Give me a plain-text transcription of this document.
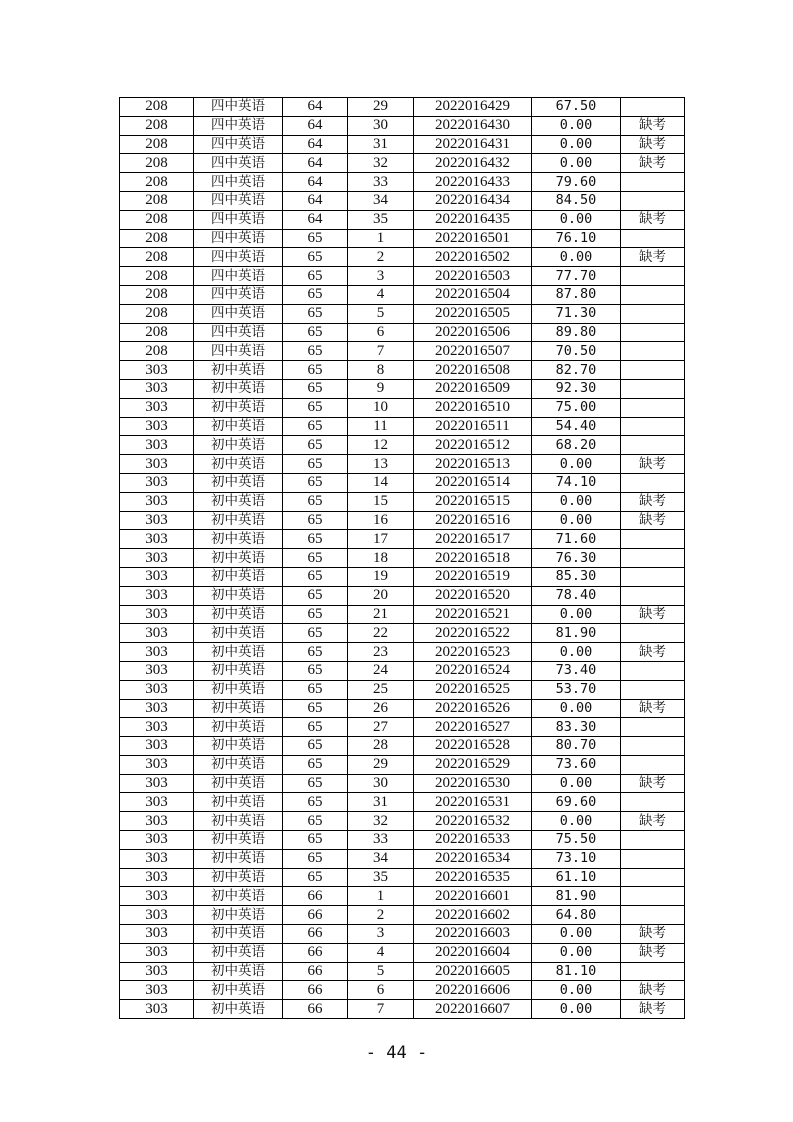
208	四中英语	64	29	2022016429	67.50	
208	四中英语	64	30	2022016430	0.00	缺考
208	四中英语	64	31	2022016431	0.00	缺考
208	四中英语	64	32	2022016432	0.00	缺考
208	四中英语	64	33	2022016433	79.60	
208	四中英语	64	34	2022016434	84.50	
208	四中英语	64	35	2022016435	0.00	缺考
208	四中英语	65	1	2022016501	76.10	
208	四中英语	65	2	2022016502	0.00	缺考
208	四中英语	65	3	2022016503	77.70	
208	四中英语	65	4	2022016504	87.80	
208	四中英语	65	5	2022016505	71.30	
208	四中英语	65	6	2022016506	89.80	
208	四中英语	65	7	2022016507	70.50	
303	初中英语	65	8	2022016508	82.70	
303	初中英语	65	9	2022016509	92.30	
303	初中英语	65	10	2022016510	75.00	
303	初中英语	65	11	2022016511	54.40	
303	初中英语	65	12	2022016512	68.20	
303	初中英语	65	13	2022016513	0.00	缺考
303	初中英语	65	14	2022016514	74.10	
303	初中英语	65	15	2022016515	0.00	缺考
303	初中英语	65	16	2022016516	0.00	缺考
303	初中英语	65	17	2022016517	71.60	
303	初中英语	65	18	2022016518	76.30	
303	初中英语	65	19	2022016519	85.30	
303	初中英语	65	20	2022016520	78.40	
303	初中英语	65	21	2022016521	0.00	缺考
303	初中英语	65	22	2022016522	81.90	
303	初中英语	65	23	2022016523	0.00	缺考
303	初中英语	65	24	2022016524	73.40	
303	初中英语	65	25	2022016525	53.70	
303	初中英语	65	26	2022016526	0.00	缺考
303	初中英语	65	27	2022016527	83.30	
303	初中英语	65	28	2022016528	80.70	
303	初中英语	65	29	2022016529	73.60	
303	初中英语	65	30	2022016530	0.00	缺考
303	初中英语	65	31	2022016531	69.60	
303	初中英语	65	32	2022016532	0.00	缺考
303	初中英语	65	33	2022016533	75.50	
303	初中英语	65	34	2022016534	73.10	
303	初中英语	65	35	2022016535	61.10	
303	初中英语	66	1	2022016601	81.90	
303	初中英语	66	2	2022016602	64.80	
303	初中英语	66	3	2022016603	0.00	缺考
303	初中英语	66	4	2022016604	0.00	缺考
303	初中英语	66	5	2022016605	81.10	
303	初中英语	66	6	2022016606	0.00	缺考
303	初中英语	66	7	2022016607	0.00	缺考
- 44 -
